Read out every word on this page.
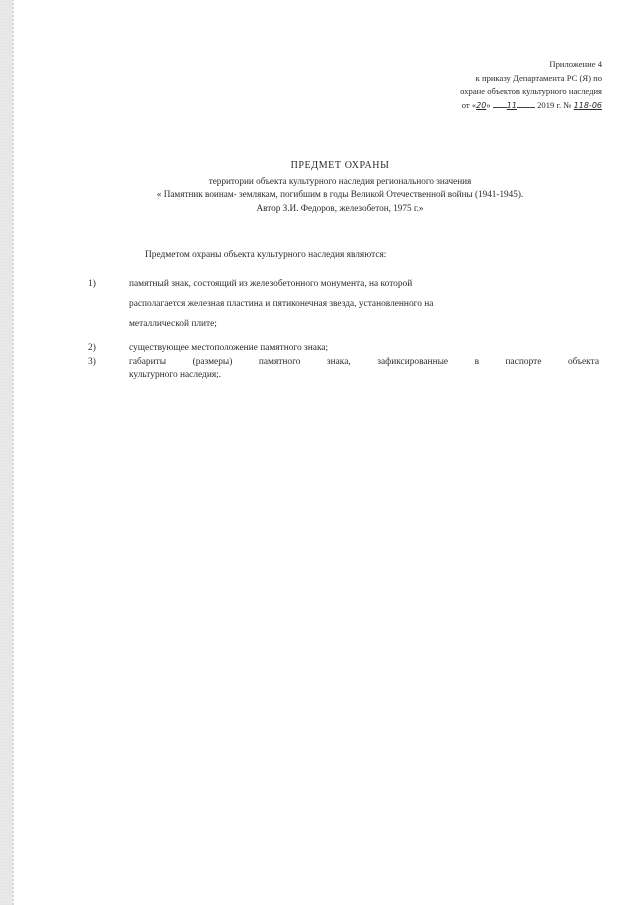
Приложение 4
к приказу Департамента РС (Я) по
охране объектов культурного наследия
от «20» 11 2019 г. № 118-06
ПРЕДМЕТ ОХРАНЫ
территории объекта культурного наследия регионального значения
« Памятник воинам- землякам, погибшим в годы Великой Отечественной войны (1941-1945).
Автор З.И. Федоров, железобетон, 1975 г.»
Предметом охраны объекта культурного наследия являются:
1)	памятный знак, состоящий из железобетонного монумента, на которой
располагается железная пластина и пятиконечная звезда, установленного на
металлической плите;
2)	существующее местоположение памятного знака;
3)	габариты (размеры) памятного знака, зафиксированные в паспорте объекта
культурного наследия;.
